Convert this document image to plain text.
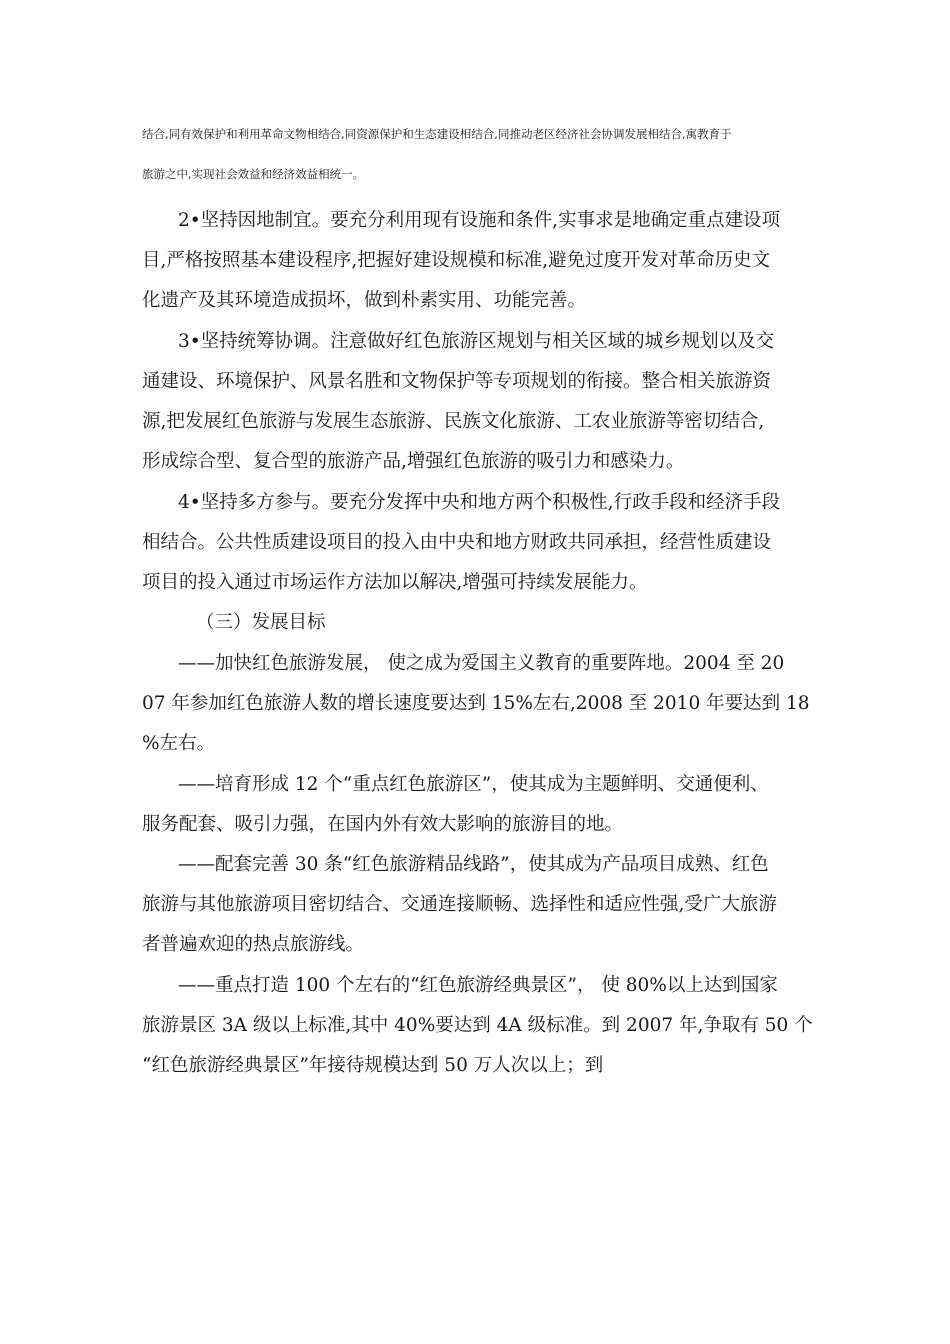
结合,同有效保护和利用革命文物相结合,同资源保护和生态建设相结合,同推动老区经济社会协调发展相结合,寓教育于
旅游之中,实现社会效益和经济效益相统一。
2•坚持因地制宜。要充分利用现有设施和条件,实事求是地确定重点建设项
目,严格按照基本建设程序,把握好建设规模和标准,避免过度开发对革命历史文
化遗产及其环境造成损坏，做到朴素实用、功能完善。
3•坚持统筹协调。注意做好红色旅游区规划与相关区域的城乡规划以及交
通建设、环境保护、风景名胜和文物保护等专项规划的衔接。整合相关旅游资
源,把发展红色旅游与发展生态旅游、民族文化旅游、工农业旅游等密切结合,
形成综合型、复合型的旅游产品,增强红色旅游的吸引力和感染力。
4•坚持多方参与。要充分发挥中央和地方两个积极性,行政手段和经济手段
相结合。公共性质建设项目的投入由中央和地方财政共同承担，经营性质建设
项目的投入通过市场运作方法加以解决,增强可持续发展能力。
（三）发展目标
——加快红色旅游发展， 使之成为爱国主义教育的重要阵地。2004 至 20
07 年参加红色旅游人数的增长速度要达到 15%左右,2008 至 2010 年要达到 18
%左右。
——培育形成 12 个“重点红色旅游区”，使其成为主题鲜明、交通便利、
服务配套、吸引力强，在国内外有效大影响的旅游目的地。
——配套完善 30 条“红色旅游精品线路”，使其成为产品项目成熟、红色
旅游与其他旅游项目密切结合、交通连接顺畅、选择性和适应性强,受广大旅游
者普遍欢迎的热点旅游线。
——重点打造 100 个左右的“红色旅游经典景区”， 使 80%以上达到国家
旅游景区 3A 级以上标准,其中 40%要达到 4A 级标准。到 2007 年,争取有 50 个
“红色旅游经典景区”年接待规模达到 50 万人次以上；到
